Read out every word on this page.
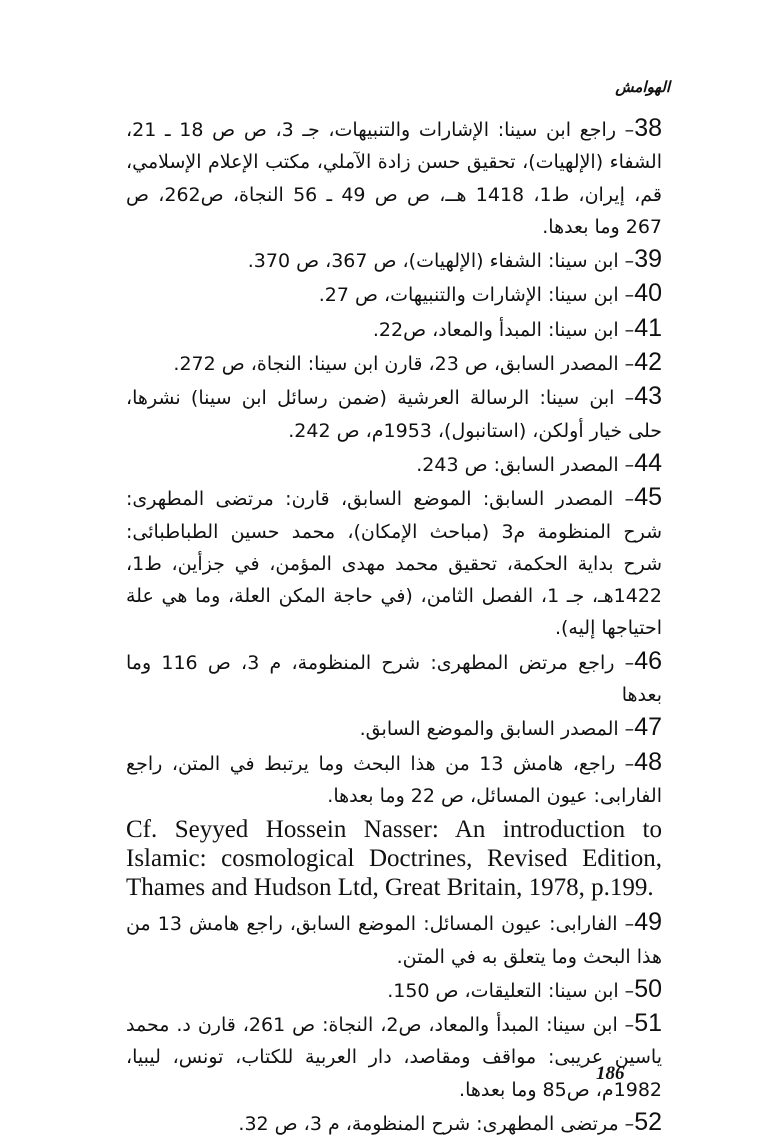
الهوامش

38– راجع ابن سينا: الإشارات والتنبيهات، جـ 3، ص ص 18 ـ 21، الشفاء (الإلهيات)، تحقيق حسن زادة الآملي، مكتب الإعلام الإسلامي، قم، إيران، ط1، 1418 هــ، ص ص 49 ـ 56 النجاة، ص262، ص 267 وما بعدها.

39– ابن سينا: الشفاء (الإلهيات)، ص 367، ص 370.

40– ابن سينا: الإشارات والتنبيهات، ص 27.

41– ابن سينا: المبدأ والمعاد، ص22.

42– المصدر السابق، ص 23، قارن ابن سينا: النجاة، ص 272.

43– ابن سينا: الرسالة العرشية (ضمن رسائل ابن سينا) نشرها، حلى خيار أولكن، (استانبول)، 1953م، ص 242.

44– المصدر السابق: ص 243.

45– المصدر السابق: الموضع السابق، قارن: مرتضى المطهرى: شرح المنظومة م3 (مباحث الإمكان)، محمد حسين الطباطبائى: شرح بداية الحكمة، تحقيق محمد مهدى المؤمن، في جزأين، ط1، 1422هـ، جـ 1، الفصل الثامن، (في حاجة المكن العلة، وما هي علة احتياجها إليه).

46– راجع مرتض المطهرى: شرح المنظومة، م 3، ص 116 وما بعدها

47– المصدر السابق والموضع السابق.

48– راجع، هامش 13 من هذا البحث وما يرتبط في المتن، راجع الفارابى: عيون المسائل، ص 22 وما بعدها.

Cf. Seyyed Hossein Nasser: An introduction to Islamic: cosmological Doctrines, Revised Edition, Thames and Hudson Ltd, Great Britain, 1978, p.199.

49– الفارابى: عيون المسائل: الموضع السابق، راجع هامش 13 من هذا البحث وما يتعلق به في المتن.

50– ابن سينا: التعليقات، ص 150.

51– ابن سينا: المبدأ والمعاد، ص2، النجاة: ص 261، قارن د. محمد ياسين عريبى: مواقف ومقاصد، دار العربية للكتاب، تونس، ليبيا، 1982م، ص85 وما بعدها.

52– مرتضى المطهرى: شرح المنظومة، م 3، ص 32.

186
